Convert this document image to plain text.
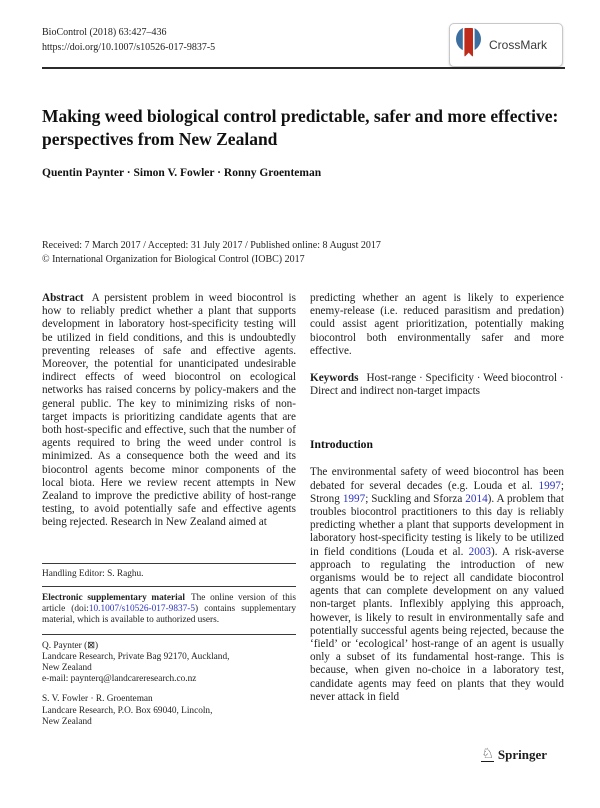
BioControl (2018) 63:427–436
https://doi.org/10.1007/s10526-017-9837-5	CrossMark
Making weed biological control predictable, safer and more effective: perspectives from New Zealand
Quentin Paynter · Simon V. Fowler · Ronny Groenteman
Received: 7 March 2017 / Accepted: 31 July 2017 / Published online: 8 August 2017
© International Organization for Biological Control (IOBC) 2017

Abstract A persistent problem in weed biocontrol is how to reliably predict whether a plant that supports development in laboratory host-specificity testing will be utilized in field conditions, and this is undoubtedly preventing releases of safe and effective agents. Moreover, the potential for unanticipated undesirable indirect effects of weed biocontrol on ecological networks has raised concerns by policy-makers and the general public. The key to minimizing risks of non-target impacts is prioritizing candidate agents that are both host-specific and effective, such that the number of agents required to bring the weed under control is minimized. As a consequence both the weed and its biocontrol agents become minor components of the local biota. Here we review recent attempts in New Zealand to improve the predictive ability of host-range testing, to avoid potentially safe and effective agents being rejected. Research in New Zealand aimed at

Handling Editor: S. Raghu.

Electronic supplementary material The online version of this article (doi:10.1007/s10526-017-9837-5) contains supplementary material, which is available to authorized users.

Q. Paynter (⊠)
Landcare Research, Private Bag 92170, Auckland,
New Zealand
e-mail: paynterq@landcareresearch.co.nz
S. V. Fowler · R. Groenteman
Landcare Research, P.O. Box 69040, Lincoln,
New Zealand

predicting whether an agent is likely to experience enemy-release (i.e. reduced parasitism and predation) could assist agent prioritization, potentially making biocontrol both environmentally safer and more effective.

Keywords Host-range · Specificity · Weed biocontrol · Direct and indirect non-target impacts

Introduction

The environmental safety of weed biocontrol has been debated for several decades (e.g. Louda et al. 1997; Strong 1997; Suckling and Sforza 2014). A problem that troubles biocontrol practitioners to this day is reliably predicting whether a plant that supports development in laboratory host-specificity testing is likely to be utilized in field conditions (Louda et al. 2003). A risk-averse approach to regulating the introduction of new organisms would be to reject all candidate biocontrol agents that can complete development on any valued non-target plants. Inflexibly applying this approach, however, is likely to result in environmentally safe and potentially successful agents being rejected, because the ‘field’ or ‘ecological’ host-range of an agent is usually only a subset of its fundamental host-range. This is because, when given no-choice in a laboratory test, candidate agents may feed on plants that they would never attack in field

♘ Springer
